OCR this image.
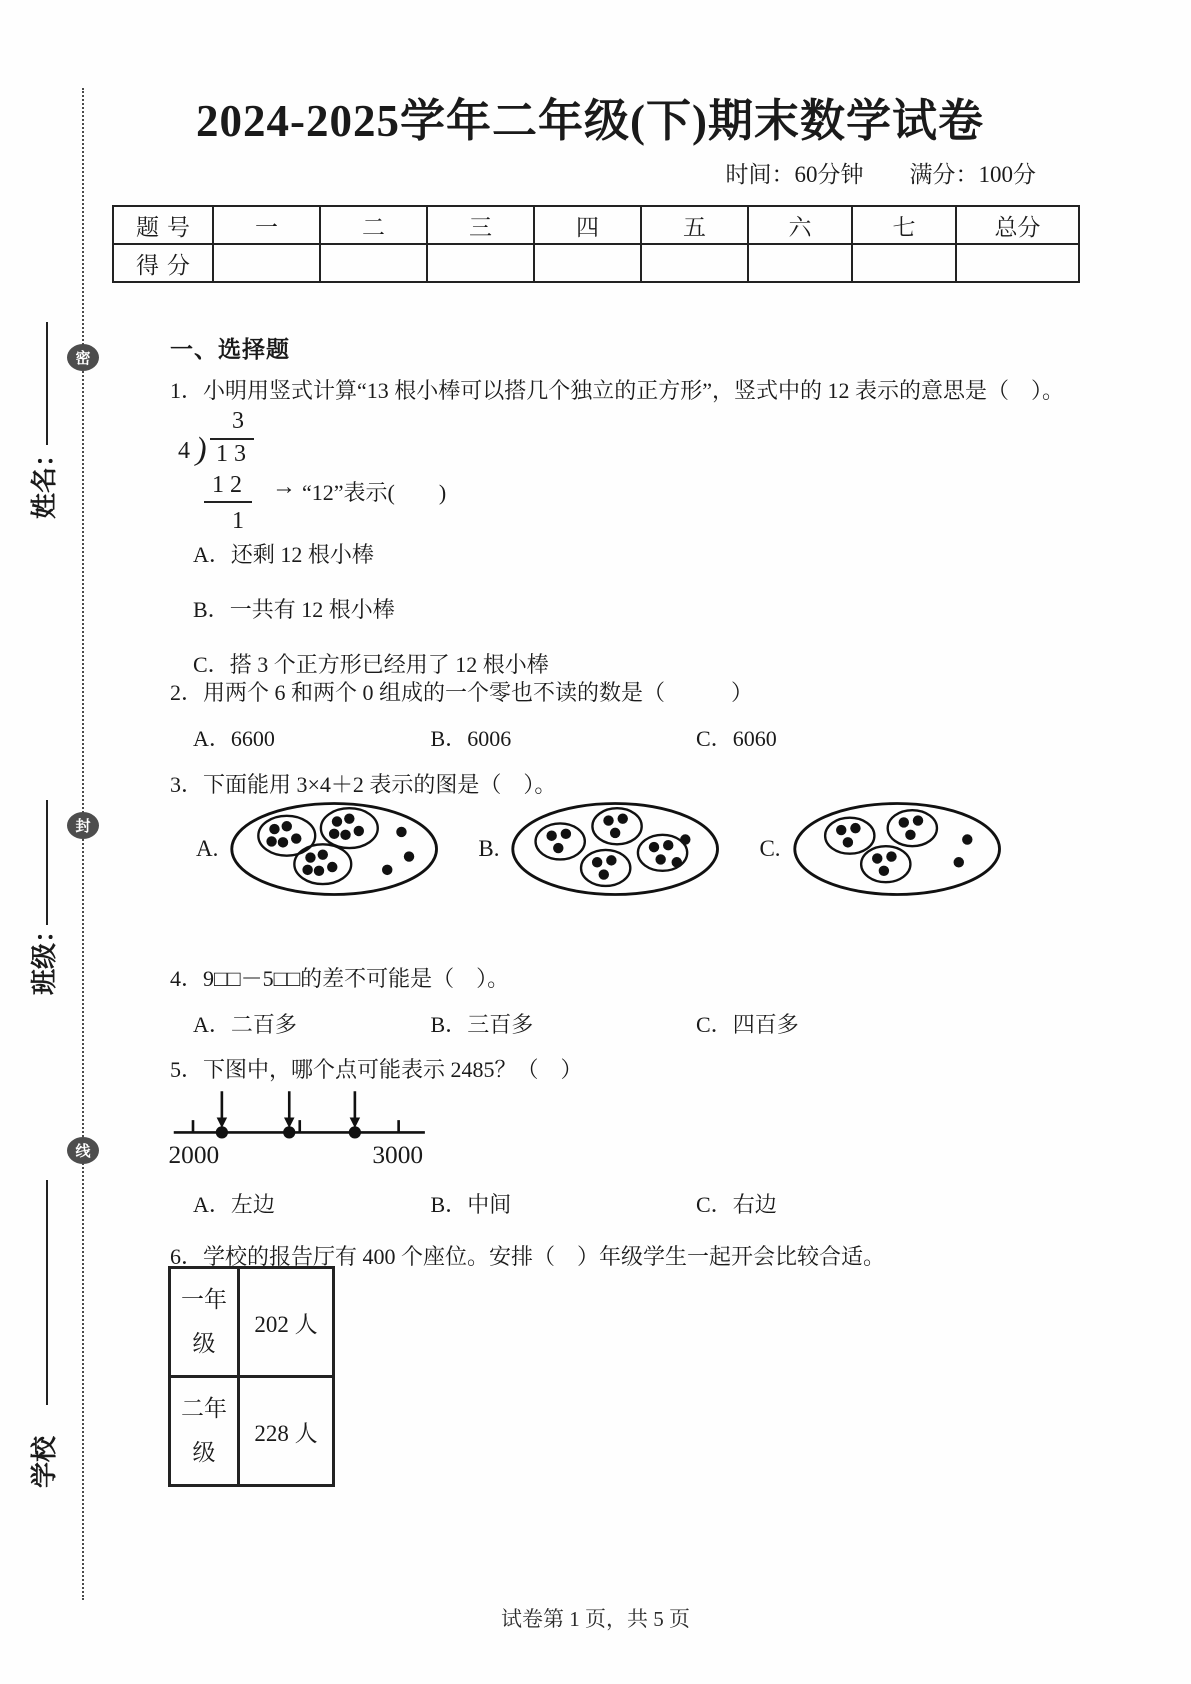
密
封
线
姓名：
班级：
学校
2024-2025学年二年级(下)期末数学试卷
时间：60分钟 满分：100分
题号	一	二	三	四	五	六	七	总分
得分								
一、选择题
1．小明用竖式计算“13 根小棒可以搭几个独立的正方形”，竖式中的 12 表示的意思是（　）。
3
4 ) 1 3
1 2	→ “12”表示(　　)
1
A．还剩 12 根小棒
B．一共有 12 根小棒
C．搭 3 个正方形已经用了 12 根小棒
2．用两个 6 和两个 0 组成的一个零也不读的数是（　　　）
A．6600	B．6006	C．6060
3．下面能用 3×4＋2 表示的图是（　）。
A.	B.	C.
4．9□□－5□□的差不可能是（　）。
A．二百多	B．三百多	C．四百多
5．下图中，哪个点可能表示 2485？（　）
2000	3000
A．左边	B．中间	C．右边
6．学校的报告厅有 400 个座位。安排（　）年级学生一起开会比较合适。
一年级	202 人
二年级	228 人
试卷第 1 页，共 5 页
